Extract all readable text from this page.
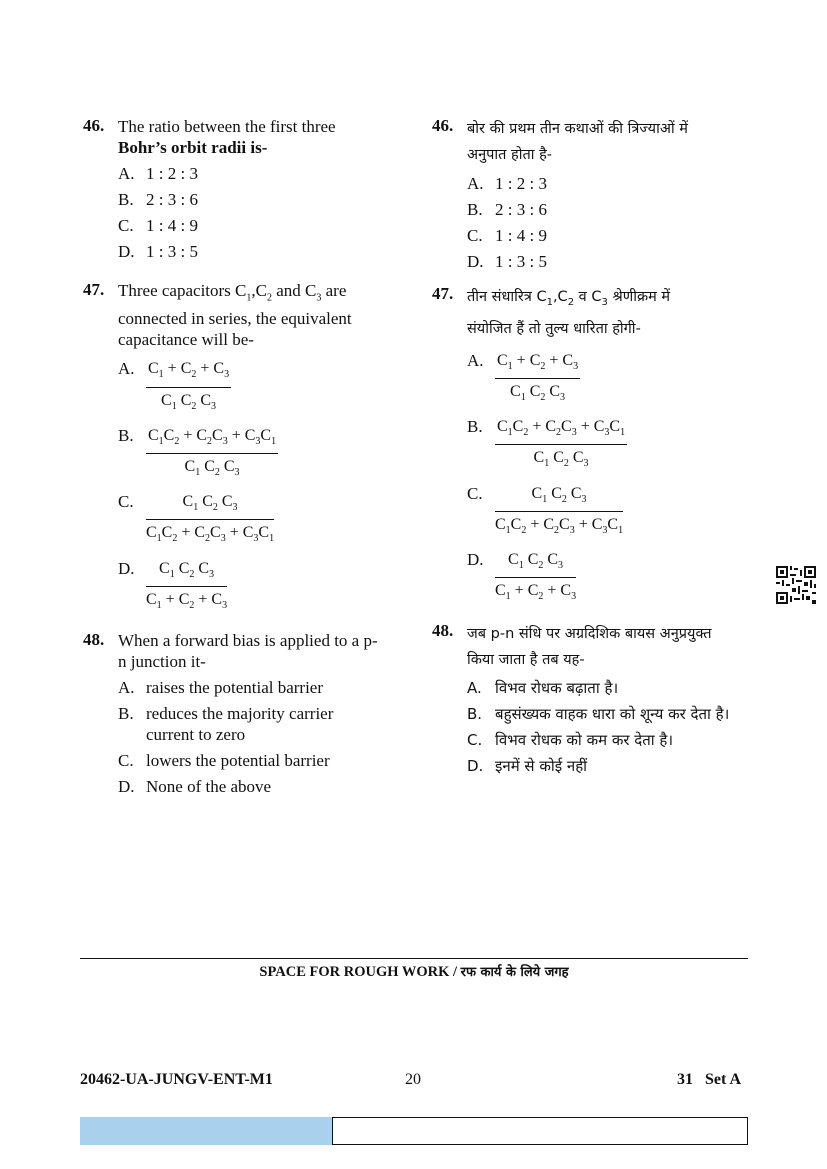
46. The ratio between the first three
Bohr’s orbit radii is-
A. 1 : 2 : 3
B. 2 : 3 : 6
C. 1 : 4 : 9
D. 1 : 3 : 5
47. Three capacitors $C_1,C_2$ and $C_3$ are
connected in series, the equivalent
capacitance will be-
A. $\frac{C_1 + C_2 + C_3}{C_1 C_2 C_3}$
B. $\frac{C_1C_2 + C_2C_3 + C_3C_1}{C_1 C_2 C_3}$
C. $\frac{C_1 C_2 C_3}{C_1C_2 + C_2C_3 + C_3C_1}$
D. $\frac{C_1 C_2 C_3}{C_1 + C_2 + C_3}$
48. When a forward bias is applied to a p-
n junction it-
A. raises the potential barrier
B. reduces the majority carrier current to zero
C. lowers the potential barrier
D. None of the above
46. बोर की प्रथम तीन कथाओं की त्रिज्याओं में
अनुपात होता है-
A. 1 : 2 : 3
B. 2 : 3 : 6
C. 1 : 4 : 9
D. 1 : 3 : 5
47. तीन संधारित्र $C_1,C_2$ व $C_3$ श्रेणीक्रम में
संयोजित हैं तो तुल्य धारिता होगी-
A. $\frac{C_1 + C_2 + C_3}{C_1 C_2 C_3}$
B. $\frac{C_1C_2 + C_2C_3 + C_3C_1}{C_1 C_2 C_3}$
C. $\frac{C_1 C_2 C_3}{C_1C_2 + C_2C_3 + C_3C_1}$
D. $\frac{C_1 C_2 C_3}{C_1 + C_2 + C_3}$
48. जब p-n संधि पर अग्रदिशिक बायस अनुप्रयुक्त
किया जाता है तब यह-
A. विभव रोधक बढ़ाता है।
B. बहुसंख्यक वाहक धारा को शून्य कर देता है।
C. विभव रोधक को कम कर देता है।
D. इनमें से कोई नहीं
SPACE FOR ROUGH WORK / रफ कार्य के लिये जगह
20462-UA-JUNGV-ENT-M1	20	31   Set A
